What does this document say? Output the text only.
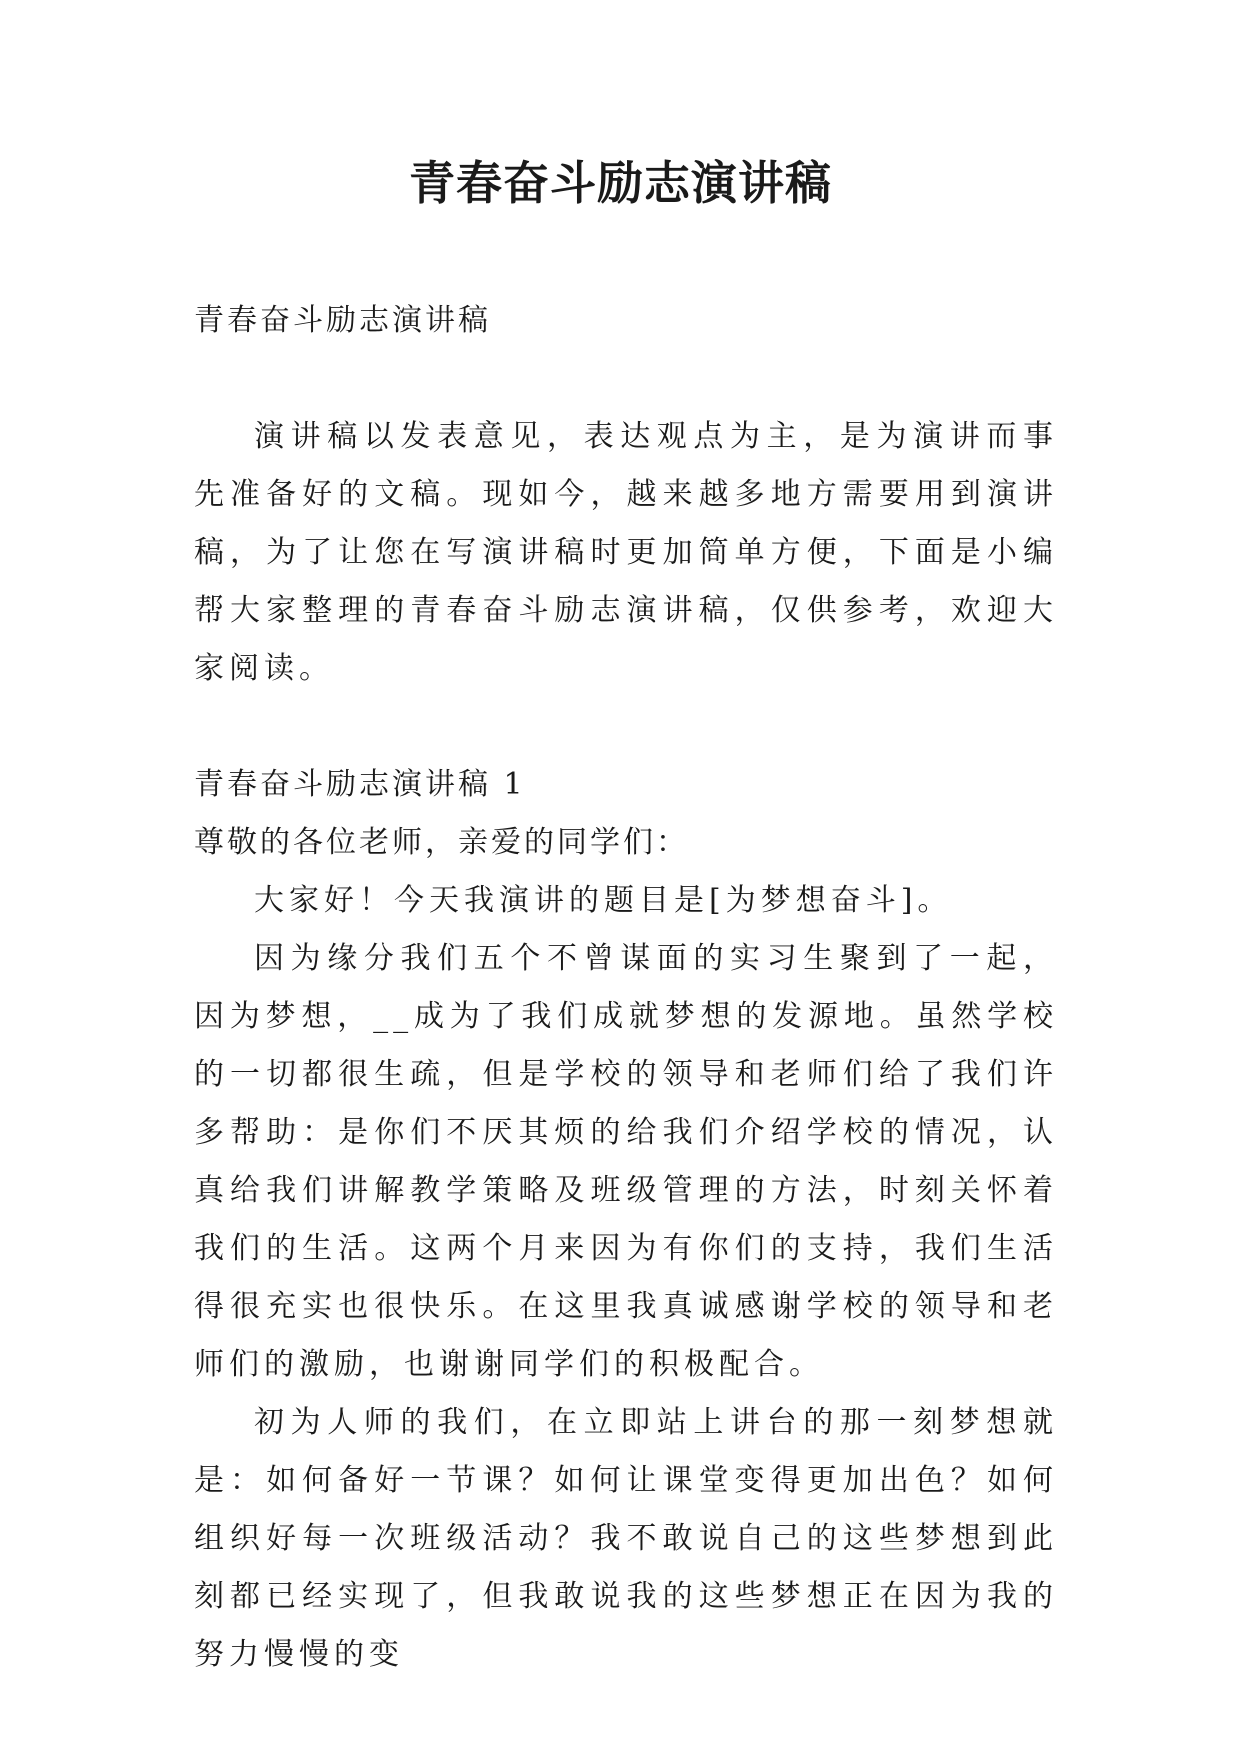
青春奋斗励志演讲稿

青春奋斗励志演讲稿

演讲稿以发表意见，表达观点为主，是为演讲而事先准备好的文稿。现如今，越来越多地方需要用到演讲稿，为了让您在写演讲稿时更加简单方便，下面是小编帮大家整理的青春奋斗励志演讲稿，仅供参考，欢迎大家阅读。

青春奋斗励志演讲稿 1

尊敬的各位老师，亲爱的同学们：

大家好！今天我演讲的题目是[为梦想奋斗]。

因为缘分我们五个不曾谋面的实习生聚到了一起，因为梦想，__成为了我们成就梦想的发源地。虽然学校的一切都很生疏，但是学校的领导和老师们给了我们许多帮助：是你们不厌其烦的给我们介绍学校的情况，认真给我们讲解教学策略及班级管理的方法，时刻关怀着我们的生活。这两个月来因为有你们的支持，我们生活得很充实也很快乐。在这里我真诚感谢学校的领导和老师们的激励，也谢谢同学们的积极配合。

初为人师的我们，在立即站上讲台的那一刻梦想就是：如何备好一节课？如何让课堂变得更加出色？如何组织好每一次班级活动？我不敢说自己的这些梦想到此刻都已经实现了，但我敢说我的这些梦想正在因为我的努力慢慢的变
